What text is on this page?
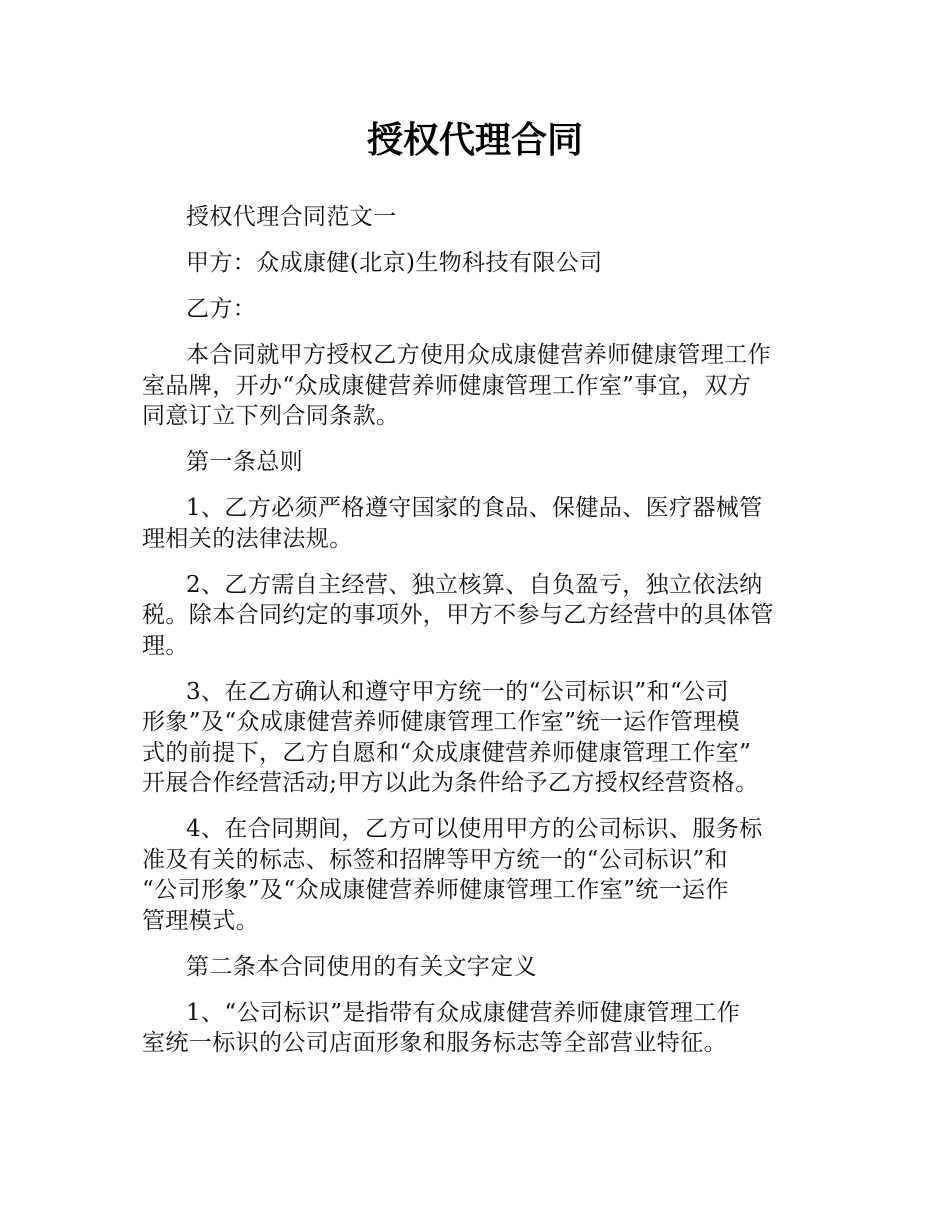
授权代理合同

授权代理合同范文一

甲方：众成康健(北京)生物科技有限公司

乙方：

本合同就甲方授权乙方使用众成康健营养师健康管理工作
室品牌，开办“众成康健营养师健康管理工作室”事宜，双方
同意订立下列合同条款。

第一条总则

1、乙方必须严格遵守国家的食品、保健品、医疗器械管
理相关的法律法规。

2、乙方需自主经营、独立核算、自负盈亏，独立依法纳
税。除本合同约定的事项外，甲方不参与乙方经营中的具体管
理。

3、在乙方确认和遵守甲方统一的“公司标识”和“公司
形象”及“众成康健营养师健康管理工作室”统一运作管理模
式的前提下，乙方自愿和“众成康健营养师健康管理工作室”
开展合作经营活动;甲方以此为条件给予乙方授权经营资格。

4、在合同期间，乙方可以使用甲方的公司标识、服务标
准及有关的标志、标签和招牌等甲方统一的“公司标识”和
“公司形象”及“众成康健营养师健康管理工作室”统一运作
管理模式。

第二条本合同使用的有关文字定义

1、“公司标识”是指带有众成康健营养师健康管理工作
室统一标识的公司店面形象和服务标志等全部营业特征。
